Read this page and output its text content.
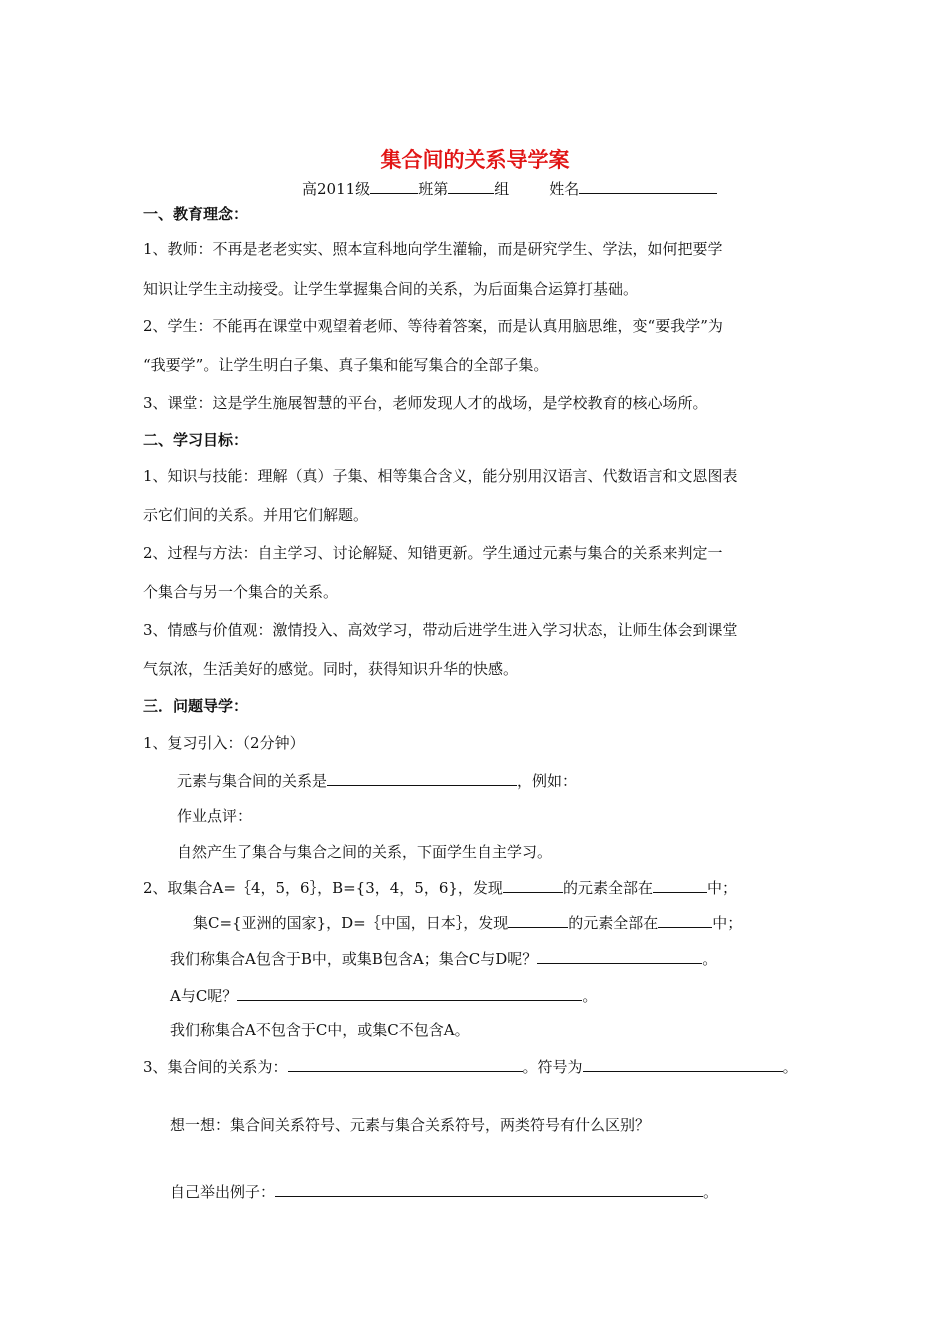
集合间的关系导学案
高2011级	班第	组	姓名
一、教育理念：
1、教师：不再是老老实实、照本宣科地向学生灌输，而是研究学生、学法，如何把要学
知识让学生主动接受。让学生掌握集合间的关系，为后面集合运算打基础。
2、学生：不能再在课堂中观望着老师、等待着答案，而是认真用脑思维，变“要我学”为
“我要学”。让学生明白子集、真子集和能写集合的全部子集。
3、课堂：这是学生施展智慧的平台，老师发现人才的战场，是学校教育的核心场所。
二、学习目标：
1、知识与技能：理解（真）子集、相等集合含义，能分别用汉语言、代数语言和文恩图表
示它们间的关系。并用它们解题。
2、过程与方法：自主学习、讨论解疑、知错更新。学生通过元素与集合的关系来判定一
个集合与另一个集合的关系。
3、情感与价值观：激情投入、高效学习，带动后进学生进入学习状态，让师生体会到课堂
气氛浓，生活美好的感觉。同时，获得知识升华的快感。
三．问题导学：
1、复习引入：（2分钟）
元素与集合间的关系是	，例如：
作业点评：
自然产生了集合与集合之间的关系，下面学生自主学习。
2、取集合A=｛4，5，6｝，B={3，4，5，6}，发现	的元素全部在	中；
集C={亚洲的国家}，D=｛中国，日本｝，发现	的元素全部在	中；
我们称集合A包含于B中，或集B包含A；集合C与D呢？	。
A与C呢？	。
我们称集合A不包含于C中，或集C不包含A。
3、集合间的关系为：	。符号为	。
想一想：集合间关系符号、元素与集合关系符号，两类符号有什么区别？
自己举出例子：	。
